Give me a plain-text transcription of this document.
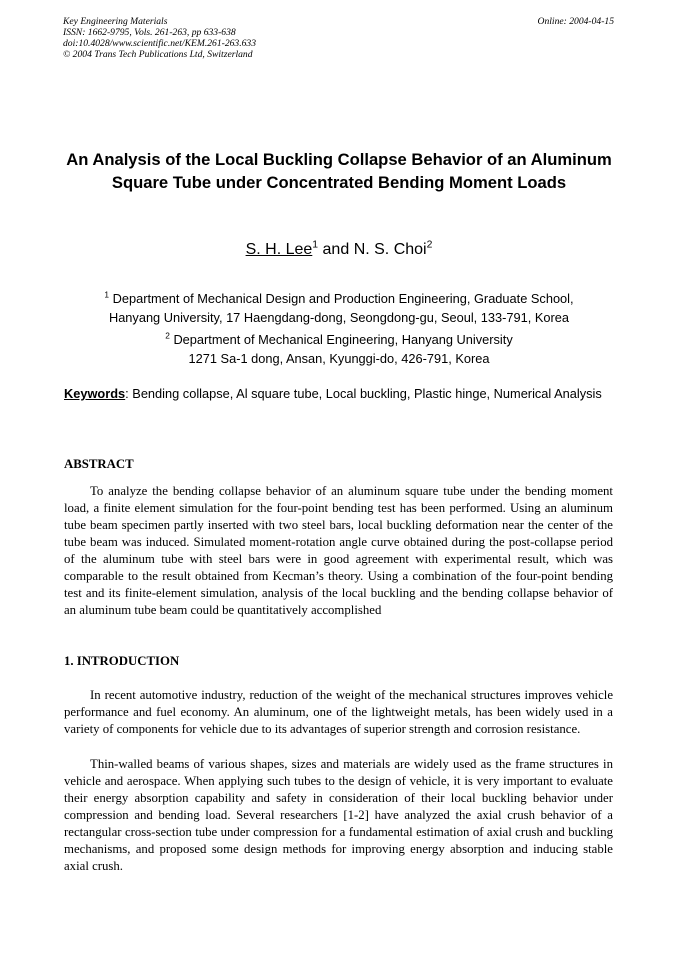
Key Engineering Materials
ISSN: 1662-9795, Vols. 261-263, pp 633-638
doi:10.4028/www.scientific.net/KEM.261-263.633
© 2004 Trans Tech Publications Ltd, Switzerland
Online: 2004-04-15
An Analysis of the Local Buckling Collapse Behavior of an Aluminum Square Tube under Concentrated Bending Moment Loads
S. H. Lee$^1$ and N. S. Choi$^2$
$^1$ Department of Mechanical Design and Production Engineering, Graduate School,
Hanyang University, 17 Haengdang-dong, Seongdong-gu, Seoul, 133-791, Korea
$^2$ Department of Mechanical Engineering, Hanyang University
1271 Sa-1 dong, Ansan, Kyunggi-do, 426-791, Korea
Keywords: Bending collapse, Al square tube, Local buckling, Plastic hinge, Numerical Analysis
ABSTRACT

To analyze the bending collapse behavior of an aluminum square tube under the bending moment load, a finite element simulation for the four-point bending test has been performed. Using an aluminum tube beam specimen partly inserted with two steel bars, local buckling deformation near the center of the tube beam was induced. Simulated moment-rotation angle curve obtained during the post-collapse period of the aluminum tube with steel bars were in good agreement with experimental result, which was comparable to the result obtained from Kecman’s theory. Using a combination of the four-point bending test and its finite-element simulation, analysis of the local buckling and the bending collapse behavior of an aluminum tube beam could be quantitatively accomplished

1. INTRODUCTION

In recent automotive industry, reduction of the weight of the mechanical structures improves vehicle performance and fuel economy. An aluminum, one of the lightweight metals, has been widely used in a variety of components for vehicle due to its advantages of superior strength and corrosion resistance.

Thin-walled beams of various shapes, sizes and materials are widely used as the frame structures in vehicle and aerospace. When applying such tubes to the design of vehicle, it is very important to evaluate their energy absorption capability and safety in consideration of their local buckling behavior under compression and bending load. Several researchers [1-2] have analyzed the axial crush behavior of a rectangular cross-section tube under compression for a fundamental estimation of axial crush and buckling mechanisms, and proposed some design methods for improving energy absorption and inducing stable axial crush.
